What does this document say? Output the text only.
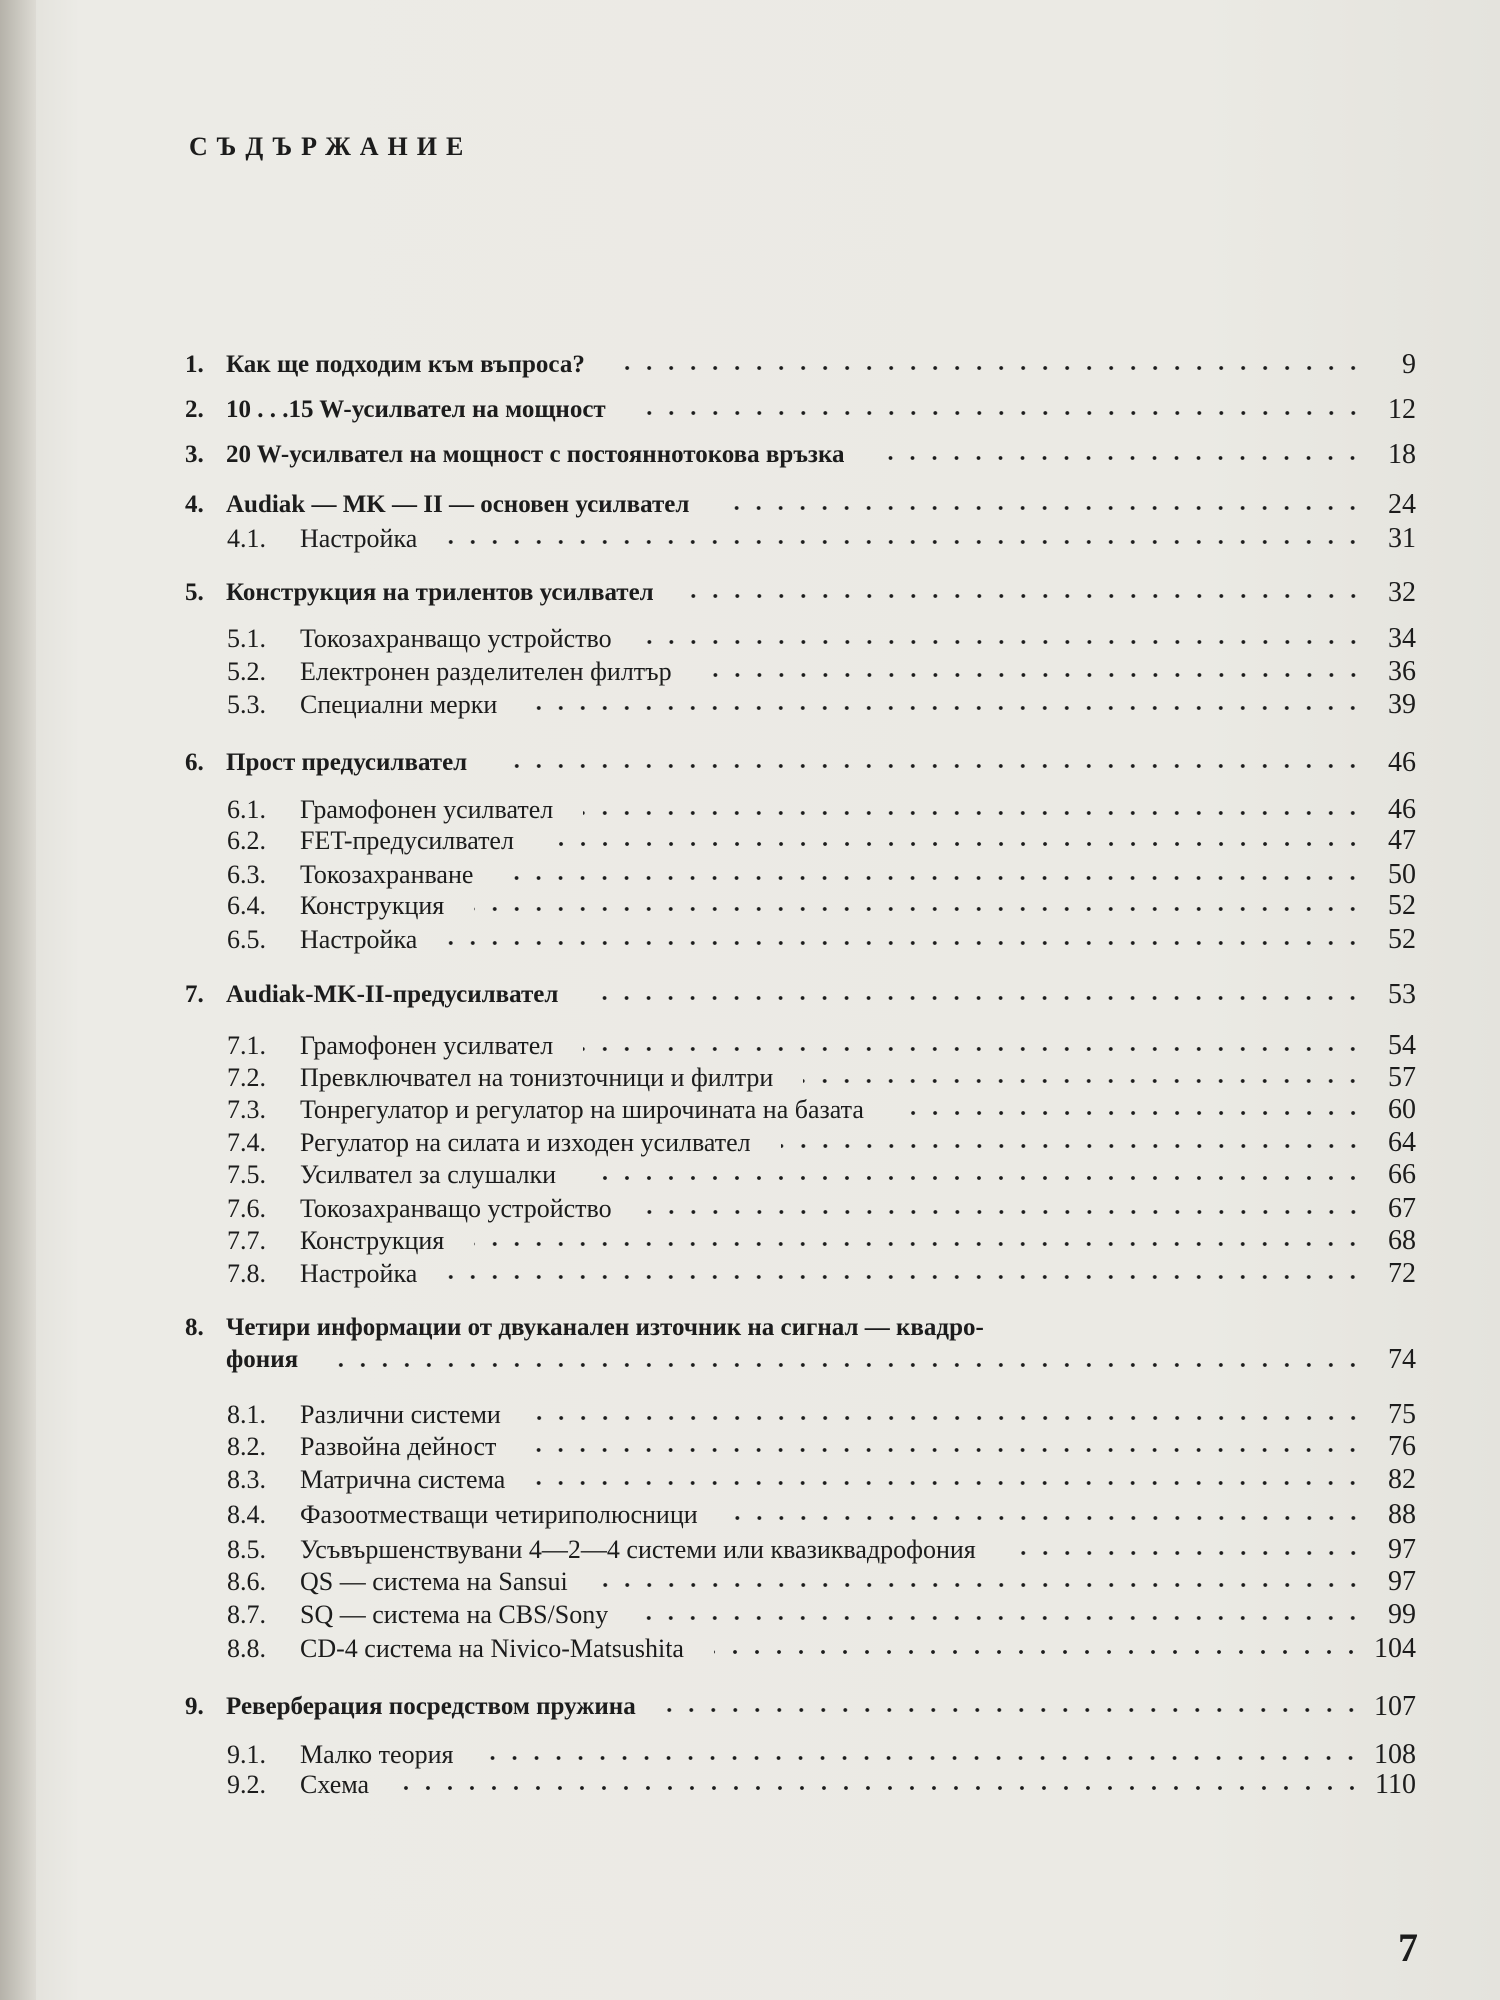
СЪДЪРЖАНИЕ
1. Как ще подходим към въпроса?	9
2. 10 . . .15 W-усилвател на мощност	12
3. 20 W-усилвател на мощност с постояннотокова връзка	18
4. Audiak — MK — II — основен усилвател	24
4.1.	Настройка	31
5. Конструкция на трилентов усилвател	32
5.1.	Токозахранващо устройство	34
5.2.	Електронен разделителен филтър	36
5.3.	Специални мерки	39
6. Прост предусилвател	46
6.1.	Грамофонен усилвател	46
6.2.	FET-предусилвател	47
6.3.	Токозахранване	50
6.4.	Конструкция	52
6.5.	Настройка	52
7. Audiak-MK-II-предусилвател	53
7.1.	Грамофонен усилвател	54
7.2.	Превключвател на тонизточници и филтри	57
7.3.	Тонрегулатор и регулатор на широчината на базата	60
7.4.	Регулатор на силата и изходен усилвател	64
7.5.	Усилвател за слушалки	66
7.6.	Токозахранващо устройство	67
7.7.	Конструкция	68
7.8.	Настройка	72
8. Четири информации от двуканален източник на сигнал — квадро-
фония	74
8.1.	Различни системи	75
8.2.	Развойна дейност	76
8.3.	Матрична система	82
8.4.	Фазоотместващи четириполюсници	88
8.5.	Усъвършенствувани 4—2—4 системи или квазиквадрофония	97
8.6.	QS — система на Sansui	97
8.7.	SQ — система на CBS/Sony	99
8.8.	CD-4 система на Nivico-Matsushita	104
9. Реверберация посредством пружина	107
9.1.	Малко теория	108
9.2.	Схема	110
7
